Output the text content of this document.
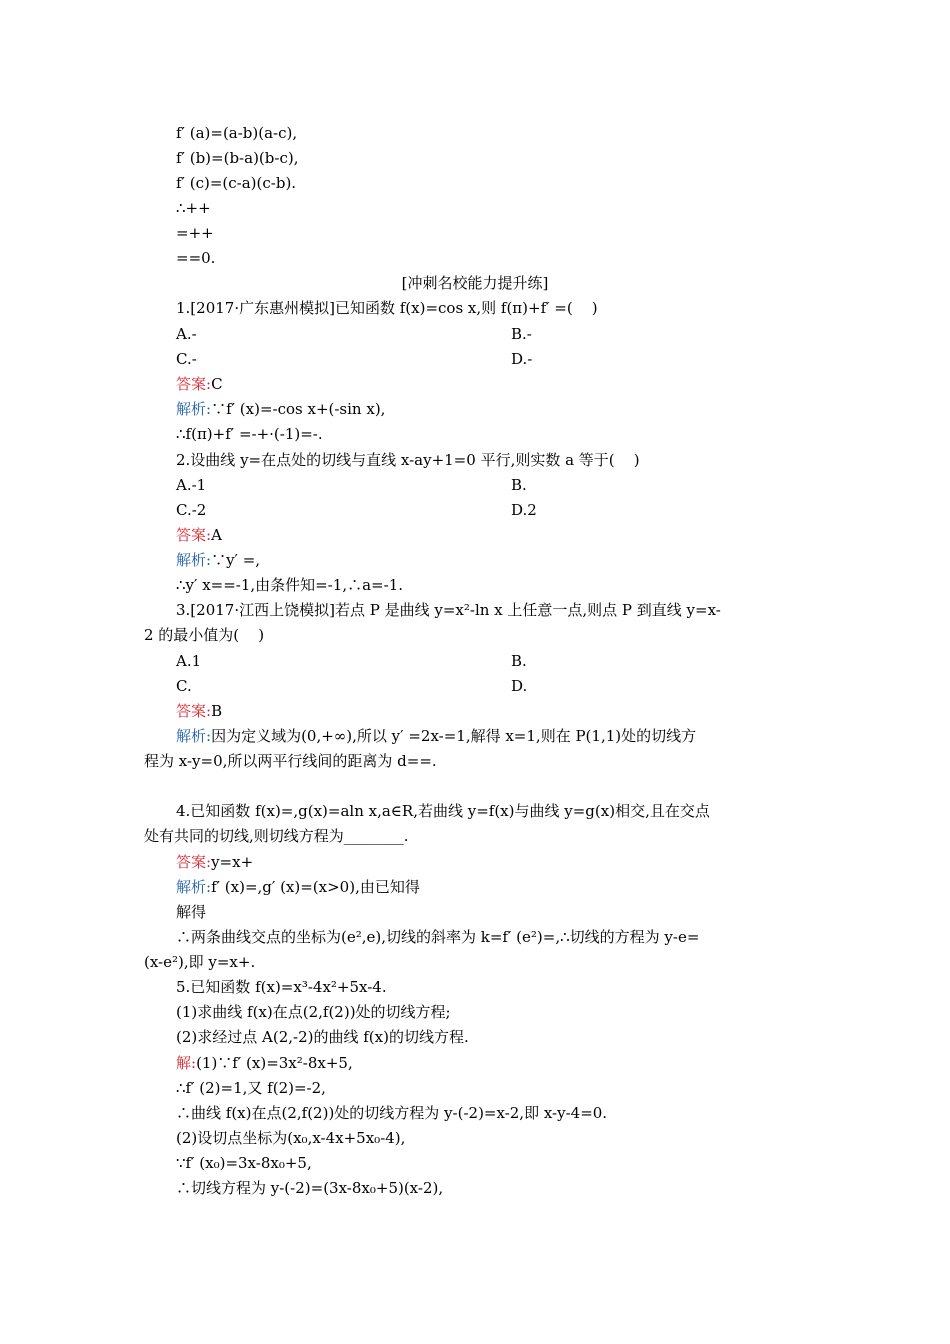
f′ (a)=(a-b)(a-c),
f′ (b)=(b-a)(b-c),
f′ (c)=(c-a)(c-b).
∴++
=++
==0.
[冲刺名校能力提升练]
1.[2017·广东惠州模拟]已知函数 f(x)=cos x,则 f(π)+f′ =(    )

A.-

	B.-

C.-

	D.-

答案:C
解析:∵f′ (x)=-cos x+(-sin x),
∴f(π)+f′ =-+·(-1)=-.
2.设曲线 y=在点处的切线与直线 x-ay+1=0 平行,则实数 a 等于(    )

A.-1

	B.

C.-2

	D.2

答案:A
解析:∵y′ =,
∴y′ x==-1,由条件知=-1,∴a=-1.
3.[2017·江西上饶模拟]若点 P 是曲线 y=x²-ln x 上任意一点,则点 P 到直线 y=x-
2 的最小值为(    )

A.1

	B.

C.

	D.

答案:B
解析:因为定义域为(0,+∞),所以 y′ =2x-=1,解得 x=1,则在 P(1,1)处的切线方
程为 x-y=0,所以两平行线间的距离为 d==.
4.已知函数 f(x)=,g(x)=aln x,a∈R,若曲线 y=f(x)与曲线 y=g(x)相交,且在交点
处有共同的切线,则切线方程为________.
答案:y=x+
解析:f′ (x)=,g′ (x)=(x>0),由已知得
解得
∴两条曲线交点的坐标为(e²,e),切线的斜率为 k=f′ (e²)=,∴切线的方程为 y-e=
(x-e²),即 y=x+.
5.已知函数 f(x)=x³-4x²+5x-4.
(1)求曲线 f(x)在点(2,f(2))处的切线方程;
(2)求经过点 A(2,-2)的曲线 f(x)的切线方程.
解:(1)∵f′ (x)=3x²-8x+5,
∴f′ (2)=1,又 f(2)=-2,
∴曲线 f(x)在点(2,f(2))处的切线方程为 y-(-2)=x-2,即 x-y-4=0.
(2)设切点坐标为(x₀,x-4x+5x₀-4),
∵f′ (x₀)=3x-8x₀+5,
∴切线方程为 y-(-2)=(3x-8x₀+5)(x-2),
